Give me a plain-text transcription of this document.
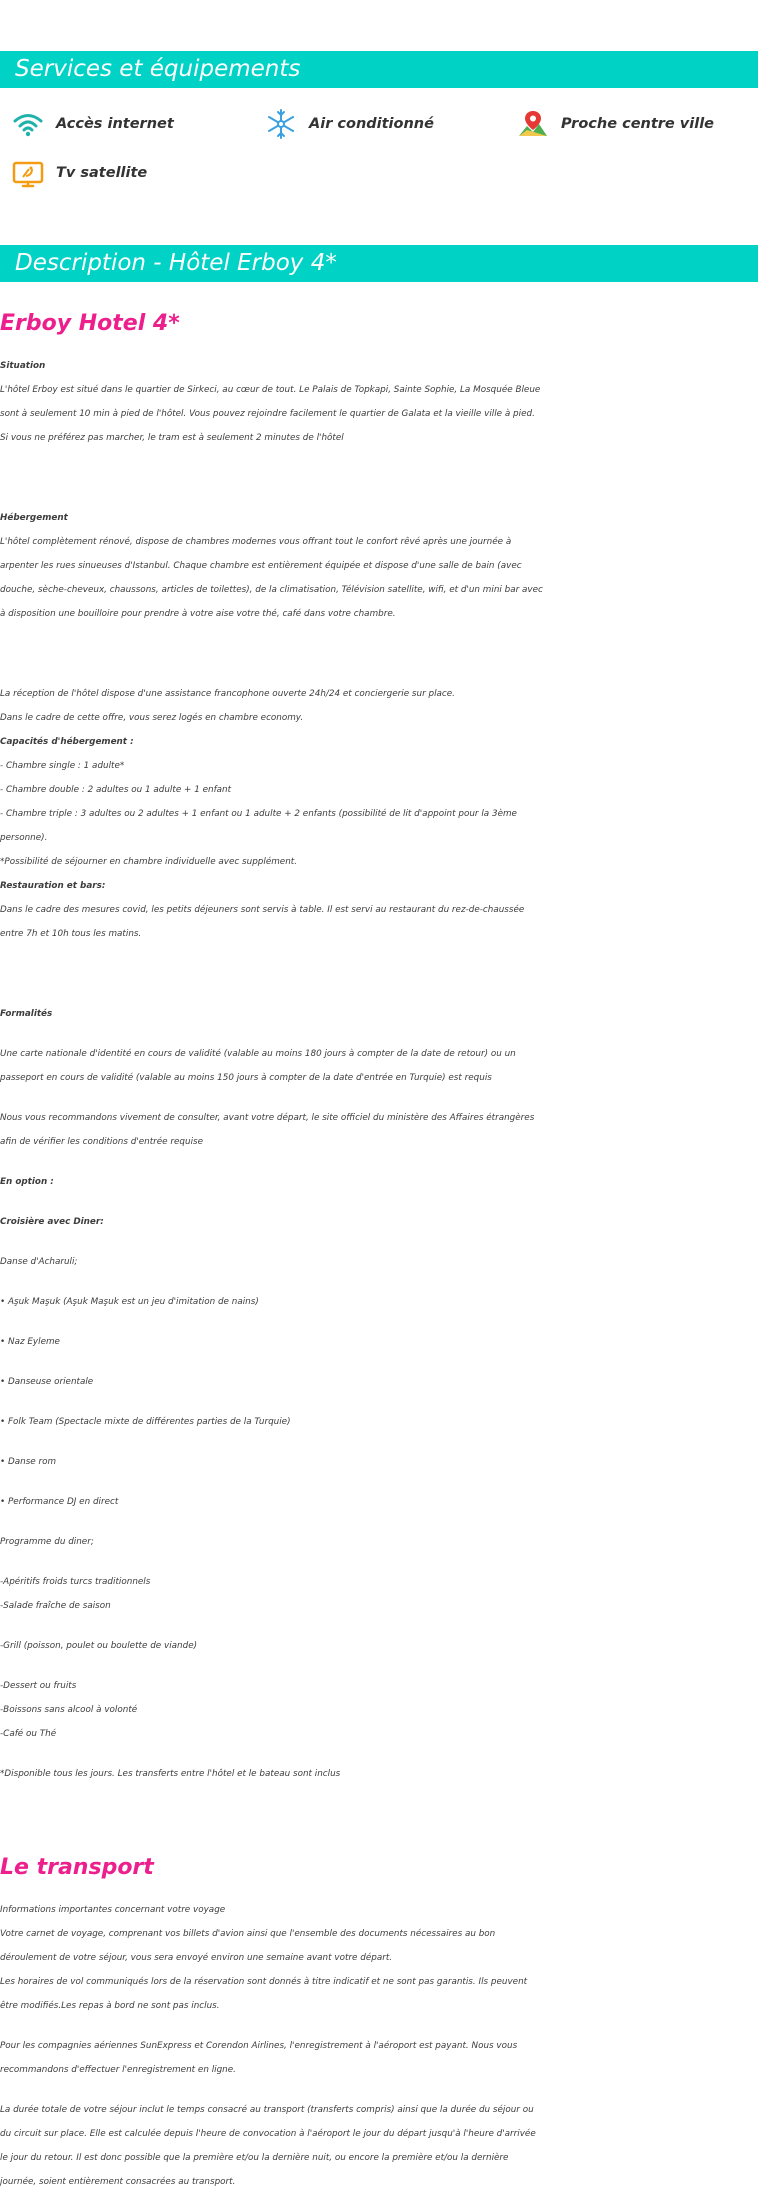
Services et équipements
Accès internet	Air conditionné	Proche centre ville
Tv satellite
Description - Hôtel Erboy 4*
Erboy Hotel 4*
Situation
L'hôtel Erboy est situé dans le quartier de Sirkeci, au cœur de tout. Le Palais de Topkapi, Sainte Sophie, La Mosquée Bleue
sont à seulement 10 min à pied de l'hôtel. Vous pouvez rejoindre facilement le quartier de Galata et la vieille ville à pied.
Si vous ne préférez pas marcher, le tram est à seulement 2 minutes de l'hôtel
Hébergement
L'hôtel complètement rénové, dispose de chambres modernes vous offrant tout le confort rêvé après une journée à
arpenter les rues sinueuses d'Istanbul. Chaque chambre est entièrement équipée et dispose d'une salle de bain (avec
douche, sèche-cheveux, chaussons, articles de toilettes), de la climatisation, Télévision satellite, wifi, et d'un mini bar avec
à disposition une bouilloire pour prendre à votre aise votre thé, café dans votre chambre.
La réception de l'hôtel dispose d'une assistance francophone ouverte 24h/24 et conciergerie sur place.
Dans le cadre de cette offre, vous serez logés en chambre economy.
Capacités d'hébergement :
- Chambre single : 1 adulte*
- Chambre double : 2 adultes ou 1 adulte + 1 enfant
- Chambre triple : 3 adultes ou 2 adultes + 1 enfant ou 1 adulte + 2 enfants (possibilité de lit d'appoint pour la 3ème
personne).
*Possibilité de séjourner en chambre individuelle avec supplément.
Restauration et bars:
Dans le cadre des mesures covid, les petits déjeuners sont servis à table. Il est servi au restaurant du rez-de-chaussée
entre 7h et 10h tous les matins.
Formalités
Une carte nationale d'identité en cours de validité (valable au moins 180 jours à compter de la date de retour) ou un
passeport en cours de validité (valable au moins 150 jours à compter de la date d'entrée en Turquie) est requis
Nous vous recommandons vivement de consulter, avant votre départ, le site officiel du ministère des Affaires étrangères
afin de vérifier les conditions d'entrée requise
En option :
Croisière avec Diner:
Danse d'Acharuli;
• Aşuk Maşuk (Aşuk Maşuk est un jeu d'imitation de nains)
• Naz Eyleme
• Danseuse orientale
• Folk Team (Spectacle mixte de différentes parties de la Turquie)
• Danse rom
• Performance DJ en direct
Programme du diner;
-Apéritifs froids turcs traditionnels
-Salade fraîche de saison
-Grill (poisson, poulet ou boulette de viande)
-Dessert ou fruits
-Boissons sans alcool à volonté
-Café ou Thé
*Disponible tous les jours. Les transferts entre l'hôtel et le bateau sont inclus
Le transport
Informations importantes concernant votre voyage
Votre carnet de voyage, comprenant vos billets d'avion ainsi que l'ensemble des documents nécessaires au bon
déroulement de votre séjour, vous sera envoyé environ une semaine avant votre départ.
Les horaires de vol communiqués lors de la réservation sont donnés à titre indicatif et ne sont pas garantis. Ils peuvent
être modifiés.Les repas à bord ne sont pas inclus.
Pour les compagnies aériennes SunExpress et Corendon Airlines, l'enregistrement à l'aéroport est payant. Nous vous
recommandons d'effectuer l'enregistrement en ligne.
La durée totale de votre séjour inclut le temps consacré au transport (transferts compris) ainsi que la durée du séjour ou
du circuit sur place. Elle est calculée depuis l'heure de convocation à l'aéroport le jour du départ jusqu'à l'heure d'arrivée
le jour du retour. Il est donc possible que la première et/ou la dernière nuit, ou encore la première et/ou la dernière
journée, soient entièrement consacrées au transport.
